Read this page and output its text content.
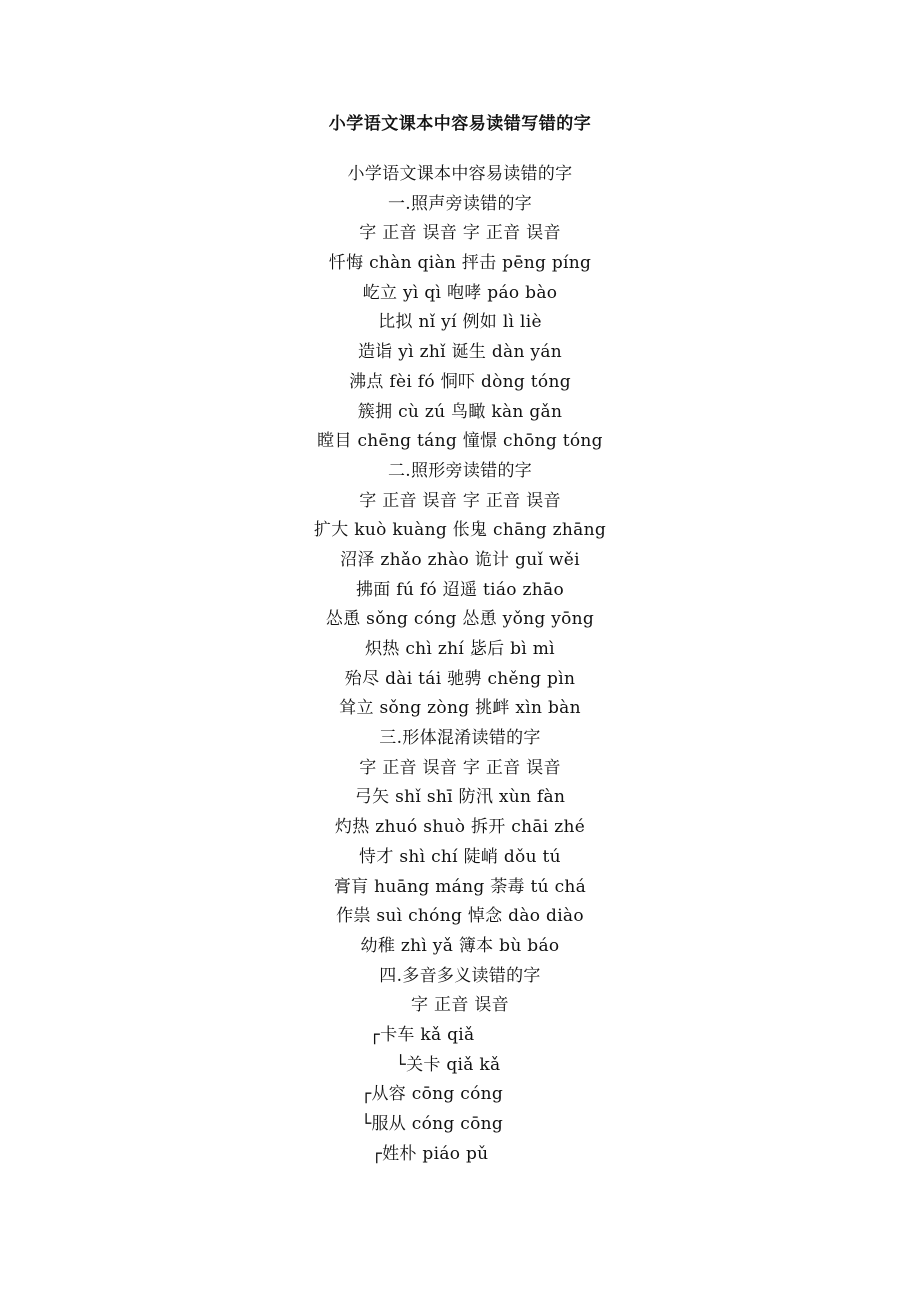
小学语文课本中容易读错写错的字
小学语文课本中容易读错的字
一.照声旁读错的字
字 正音 误音 字 正音 误音
忏悔 chàn qiàn 抨击 pēng píng
屹立 yì qì 咆哮 páo bào
比拟 nǐ yí 例如 lì liè
造诣 yì zhǐ 诞生 dàn yán
沸点 fèi fó 恫吓 dòng tóng
簇拥 cù zú 鸟瞰 kàn gǎn
瞠目 chēng táng 憧憬 chōng tóng
二.照形旁读错的字
字 正音 误音 字 正音 误音
扩大 kuò kuàng 伥鬼 chāng zhāng
沼泽 zhǎo zhào 诡计 guǐ wěi
拂面 fú fó 迢遥 tiáo zhāo
怂恿 sǒng cóng 怂恿 yǒng yōng
炽热 chì zhí 毖后 bì mì
殆尽 dài tái 驰骋 chěng pìn
耸立 sǒng zòng 挑衅 xìn bàn
三.形体混淆读错的字
字 正音 误音 字 正音 误音
弓矢 shǐ shī 防汛 xùn fàn
灼热 zhuó shuò 拆开 chāi zhé
恃才 shì chí 陡峭 dǒu tú
膏肓 huāng máng 荼毒 tú chá
作祟 suì chóng 悼念 dào diào
幼稚 zhì yǎ 簿本 bù báo
四.多音多义读错的字
字 正音 误音
┌卡车 kǎ qiǎ
└关卡 qiǎ kǎ
┌从容 cōng cóng
└服从 cóng cōng
┌姓朴 piáo pǔ
